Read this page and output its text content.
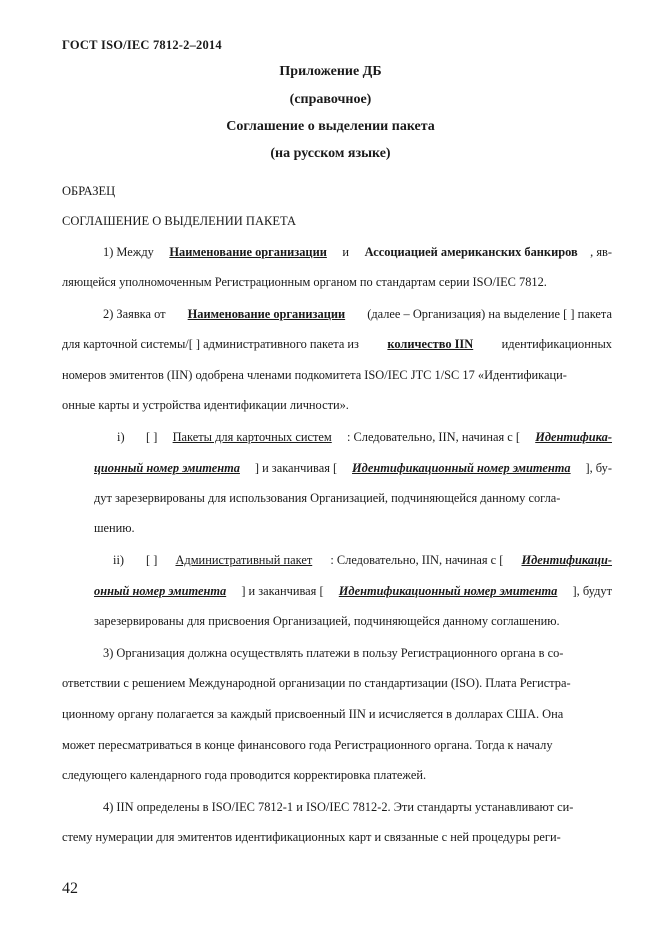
ГОСТ ISO/IEC 7812-2–2014
Приложение ДБ
(справочное)
Соглашение о выделении пакета
(на русском языке)
ОБРАЗЕЦ
СОГЛАШЕНИЕ О ВЫДЕЛЕНИИ ПАКЕТА
1) Между Наименование организации и Ассоциацией американских банкиров , яв-
ляющейся уполномоченным Регистрационным органом по стандартам серии ISO/IEC 7812.
2) Заявка от Наименование организации (далее – Организация) на выделение [ ] пакета
для карточной системы/[ ] административного пакета из количество IIN идентификационных
номеров эмитентов (IIN) одобрена членами подкомитета ISO/IEC JTC 1/SC 17 «Идентификаци-
онные карты и устройства идентификации личности».
i) [ ] Пакеты для карточных систем : Следовательно, IIN, начиная с [ Идентифика-
ционный номер эмитента ] и заканчивая [ Идентификационный номер эмитента ], бу-
дут зарезервированы для использования Организацией, подчиняющейся данному согла-
шению.
ii) [ ] Административный пакет : Следовательно, IIN, начиная с [ Идентификаци-
онный номер эмитента ] и заканчивая [ Идентификационный номер эмитента ], будут
зарезервированы для присвоения Организацией, подчиняющейся данному соглашению.
3) Организация должна осуществлять платежи в пользу Регистрационного органа в со-
ответствии с решением Международной организации по стандартизации (ISO). Плата Регистра-
ционному органу полагается за каждый присвоенный IIN и исчисляется в долларах США. Она
может пересматриваться в конце финансового года Регистрационного органа. Тогда к началу
следующего календарного года проводится корректировка платежей.
4) IIN определены в ISO/IEC 7812-1 и ISO/IEC 7812-2. Эти стандарты устанавливают си-
стему нумерации для эмитентов идентификационных карт и связанные с ней процедуры реги-
42
